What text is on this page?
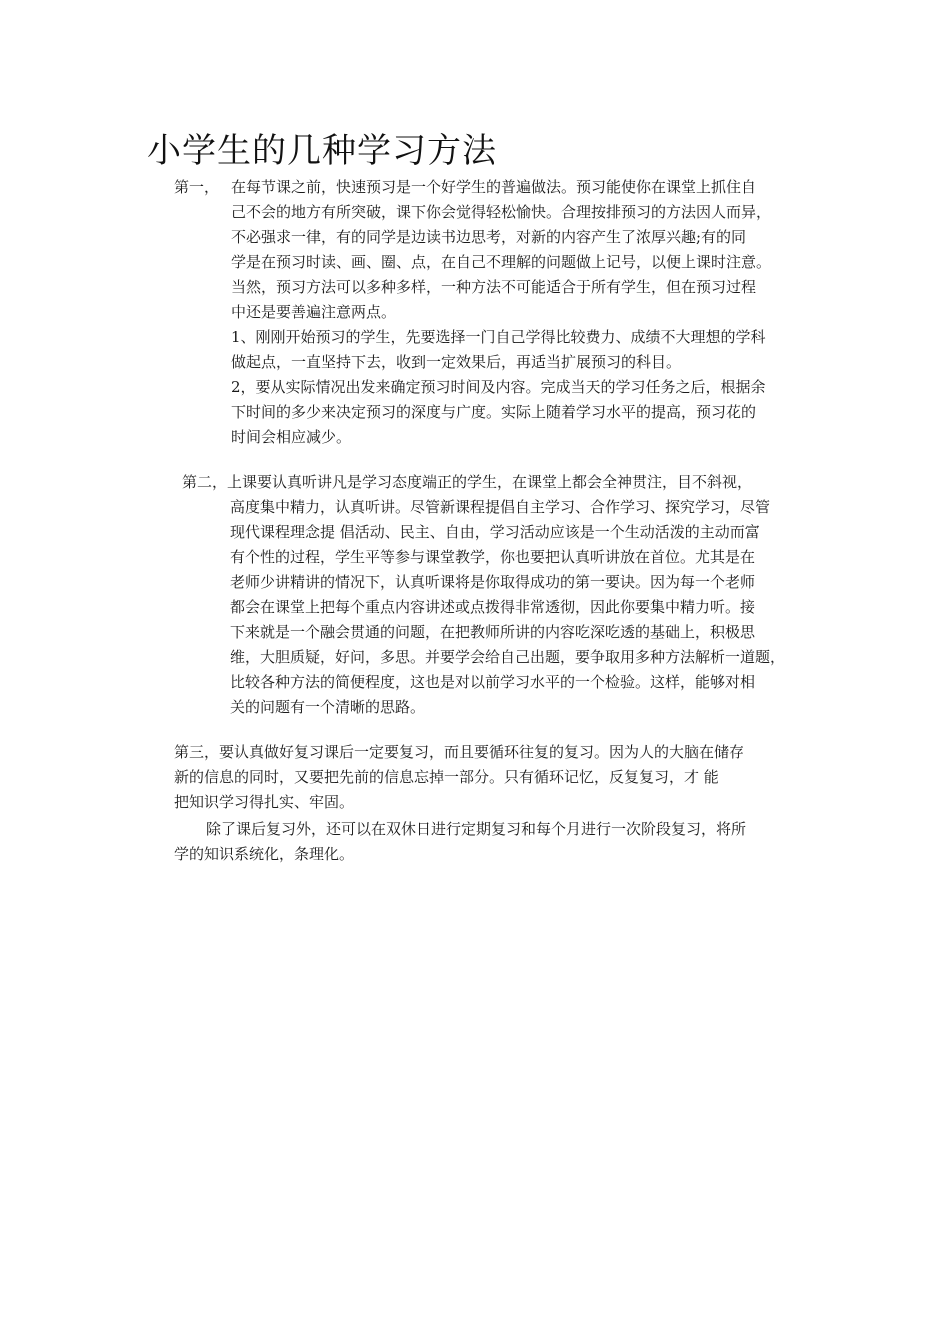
小学生的几种学习方法
第一， 在每节课之前，快速预习是一个好学生的普遍做法。预习能使你在课堂上抓住自
己不会的地方有所突破，课下你会觉得轻松愉快。合理按排预习的方法因人而异，
不必强求一律，有的同学是边读书边思考，对新的内容产生了浓厚兴趣;有的同
学是在预习时读、画、圈、点，在自己不理解的问题做上记号，以便上课时注意。
当然，预习方法可以多种多样，一种方法不可能适合于所有学生，但在预习过程
中还是要善遍注意两点。
1、刚刚开始预习的学生，先要选择一门自己学得比较费力、成绩不大理想的学科
做起点，一直坚持下去，收到一定效果后，再适当扩展预习的科目。
2，要从实际情况出发来确定预习时间及内容。完成当天的学习任务之后，根据余
下时间的多少来决定预习的深度与广度。实际上随着学习水平的提高，预习花的
时间会相应减少。
第二，上课要认真听讲凡是学习态度端正的学生，在课堂上都会全神贯注，目不斜视，
高度集中精力，认真听讲。尽管新课程提倡自主学习、合作学习、探究学习，尽管
现代课程理念提 倡活动、民主、自由，学习活动应该是一个生动活泼的主动而富
有个性的过程，学生平等参与课堂教学，你也要把认真听讲放在首位。尤其是在
老师少讲精讲的情况下，认真听课将是你取得成功的第一要诀。因为每一个老师
都会在课堂上把每个重点内容讲述或点拨得非常透彻，因此你要集中精力听。接
下来就是一个融会贯通的问题，在把教师所讲的内容吃深吃透的基础上，积极思
维，大胆质疑，好问，多思。并要学会给自己出题，要争取用多种方法解析一道题，
比较各种方法的简便程度，这也是对以前学习水平的一个检验。这样，能够对相
关的问题有一个清晰的思路。
第三，要认真做好复习课后一定要复习，而且要循环往复的复习。因为人的大脑在储存
新的信息的同时，又要把先前的信息忘掉一部分。只有循环记忆，反复复习，才 能
把知识学习得扎实、牢固。
除了课后复习外，还可以在双休日进行定期复习和每个月进行一次阶段复习，将所
学的知识系统化，条理化。
